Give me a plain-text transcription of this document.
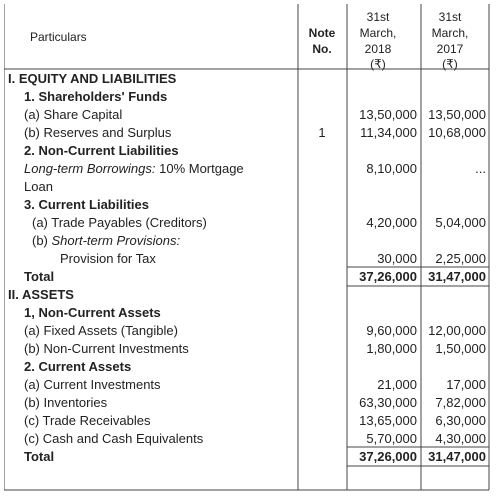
Particulars	Note
No.
31st
March,
2018
(₹)
31st
March,
2017
(₹)
I. EQUITY AND LIABILITIES
1. Shareholders' Funds
(a) Share Capital	13,50,000 13,50,000
(b) Reserves and Surplus	1	11,34,000 10,68,000
2. Non-Current Liabilities
Long-term Borrowings: 10% Mortgage	8,10,000	...
Loan
3. Current Liabilities
(a) Trade Payables (Creditors)	4,20,000 5,04,000
(b) Short-term Provisions:
Provision for Tax	30,000 2,25,000
Total	37,26,000 31,47,000
II. ASSETS
1, Non-Current Assets
(a) Fixed Assets (Tangible)	9,60,000 12,00,000
(b) Non-Current Investments	1,80,000 1,50,000
2. Current Assets
(a) Current Investments	21,000 17,000
(b) Inventories	63,30,000 7,82,000
(c) Trade Receivables	13,65,000 6,30,000
(c) Cash and Cash Equivalents	5,70,000 4,30,000
Total	37,26,000 31,47,000
